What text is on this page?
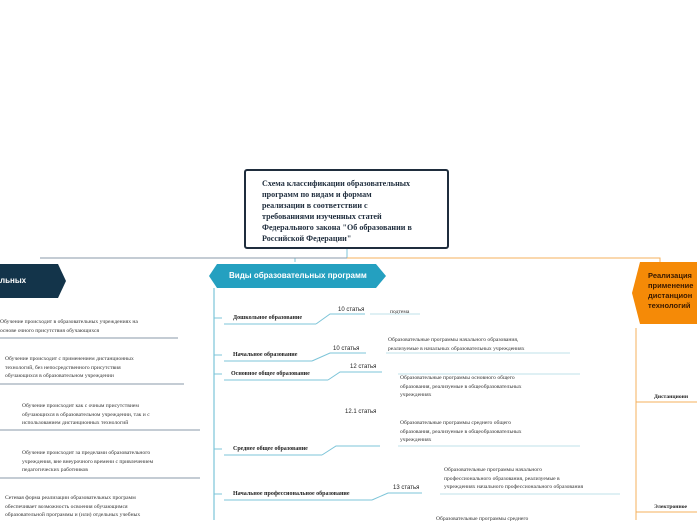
Схема классификации образовательных
программ по видам и формам
реализации в соответствии с
требованиями изученных статей
Федерального закона "Об образовании в
Российской Федерации"
льных
Виды образовательных программ	Реализация
применение
дистанцион
технологий
Дошкольное образование
10 статья	подтема
Начальное образование
10 статья
Образовательные программы начального образования,
реализуемые в начальных образовательных учреждениях
Основное общее образование
12 статья
Образовательные программы основного общего
образования, реализуемые в общеобразовательных
учреждениях
Среднее общее образование
12.1 статья
Образовательные программы среднего общего
образования, реализуемые в общеобразовательных
учреждениях
Начальное профессиональное образование
13 статья
Образовательные программы начального
профессионального образования, реализуемые в
учреждениях начального профессионального образования
Образовательные программы среднего
Обучение происходит в образовательных учреждениях на
основе очного присутствия обучающихся
Обучение происходит с применением дистанционных
технологий, без непосредственного присутствия
обучающихся в образовательном учреждении
Обучение происходит как с очным присутствием
обучающихся в образовательном учреждении, так и с
использованием дистанционных технологий
Обучение происходит за пределами образовательного
учреждения, вне внеурочного времени с привлечением
педагогических работников
Сетевая форма реализации образовательных программ
обеспечивает возможность освоения обучающимся
образовательной программы и (или) отдельных учебных
Дистанционн
Электронное
